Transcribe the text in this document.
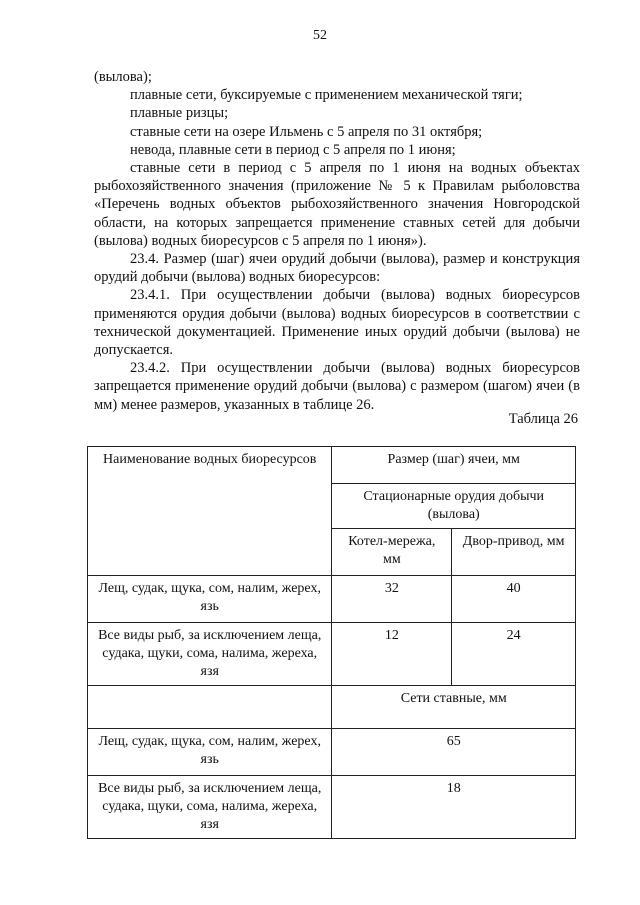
52

(вылова);

плавные сети, буксируемые с применением механической тяги;

плавные ризцы;

ставные сети на озере Ильмень с 5 апреля по 31 октября;

невода, плавные сети в период с 5 апреля по 1 июня;

ставные сети в период с 5 апреля по 1 июня на водных объектах рыбохозяйственного значения (приложение № 5 к Правилам рыболовства «Перечень водных объектов рыбохозяйственного значения Новгородской области, на которых запрещается применение ставных сетей для добычи (вылова) водных биоресурсов с 5 апреля по 1 июня»).

23.4. Размер (шаг) ячеи орудий добычи (вылова), размер и конструкция орудий добычи (вылова) водных биоресурсов:

23.4.1. При осуществлении добычи (вылова) водных биоресурсов применяются орудия добычи (вылова) водных биоресурсов в соответствии с технической документацией. Применение иных орудий добычи (вылова) не допускается.

23.4.2. При осуществлении добычи (вылова) водных биоресурсов запрещается применение орудий добычи (вылова) с размером (шагом) ячеи (в мм) менее размеров, указанных в таблице 26.

Таблица 26
Наименование водных биоресурсов	Размер (шаг) ячеи, мм	
	Стационарные орудия добычи (вылова)	
	Котел-мережа, мм	Двор-привод, мм
Лещ, судак, щука, сом, налим, жерех, язь	32	40
Все виды рыб, за исключением леща, судака, щуки, сома, налима, жереха, язя	12	24
	Сети ставные, мм	
Лещ, судак, щука, сом, налим, жерех, язь	65	
Все виды рыб, за исключением леща, судака, щуки, сома, налима, жереха, язя	18	
